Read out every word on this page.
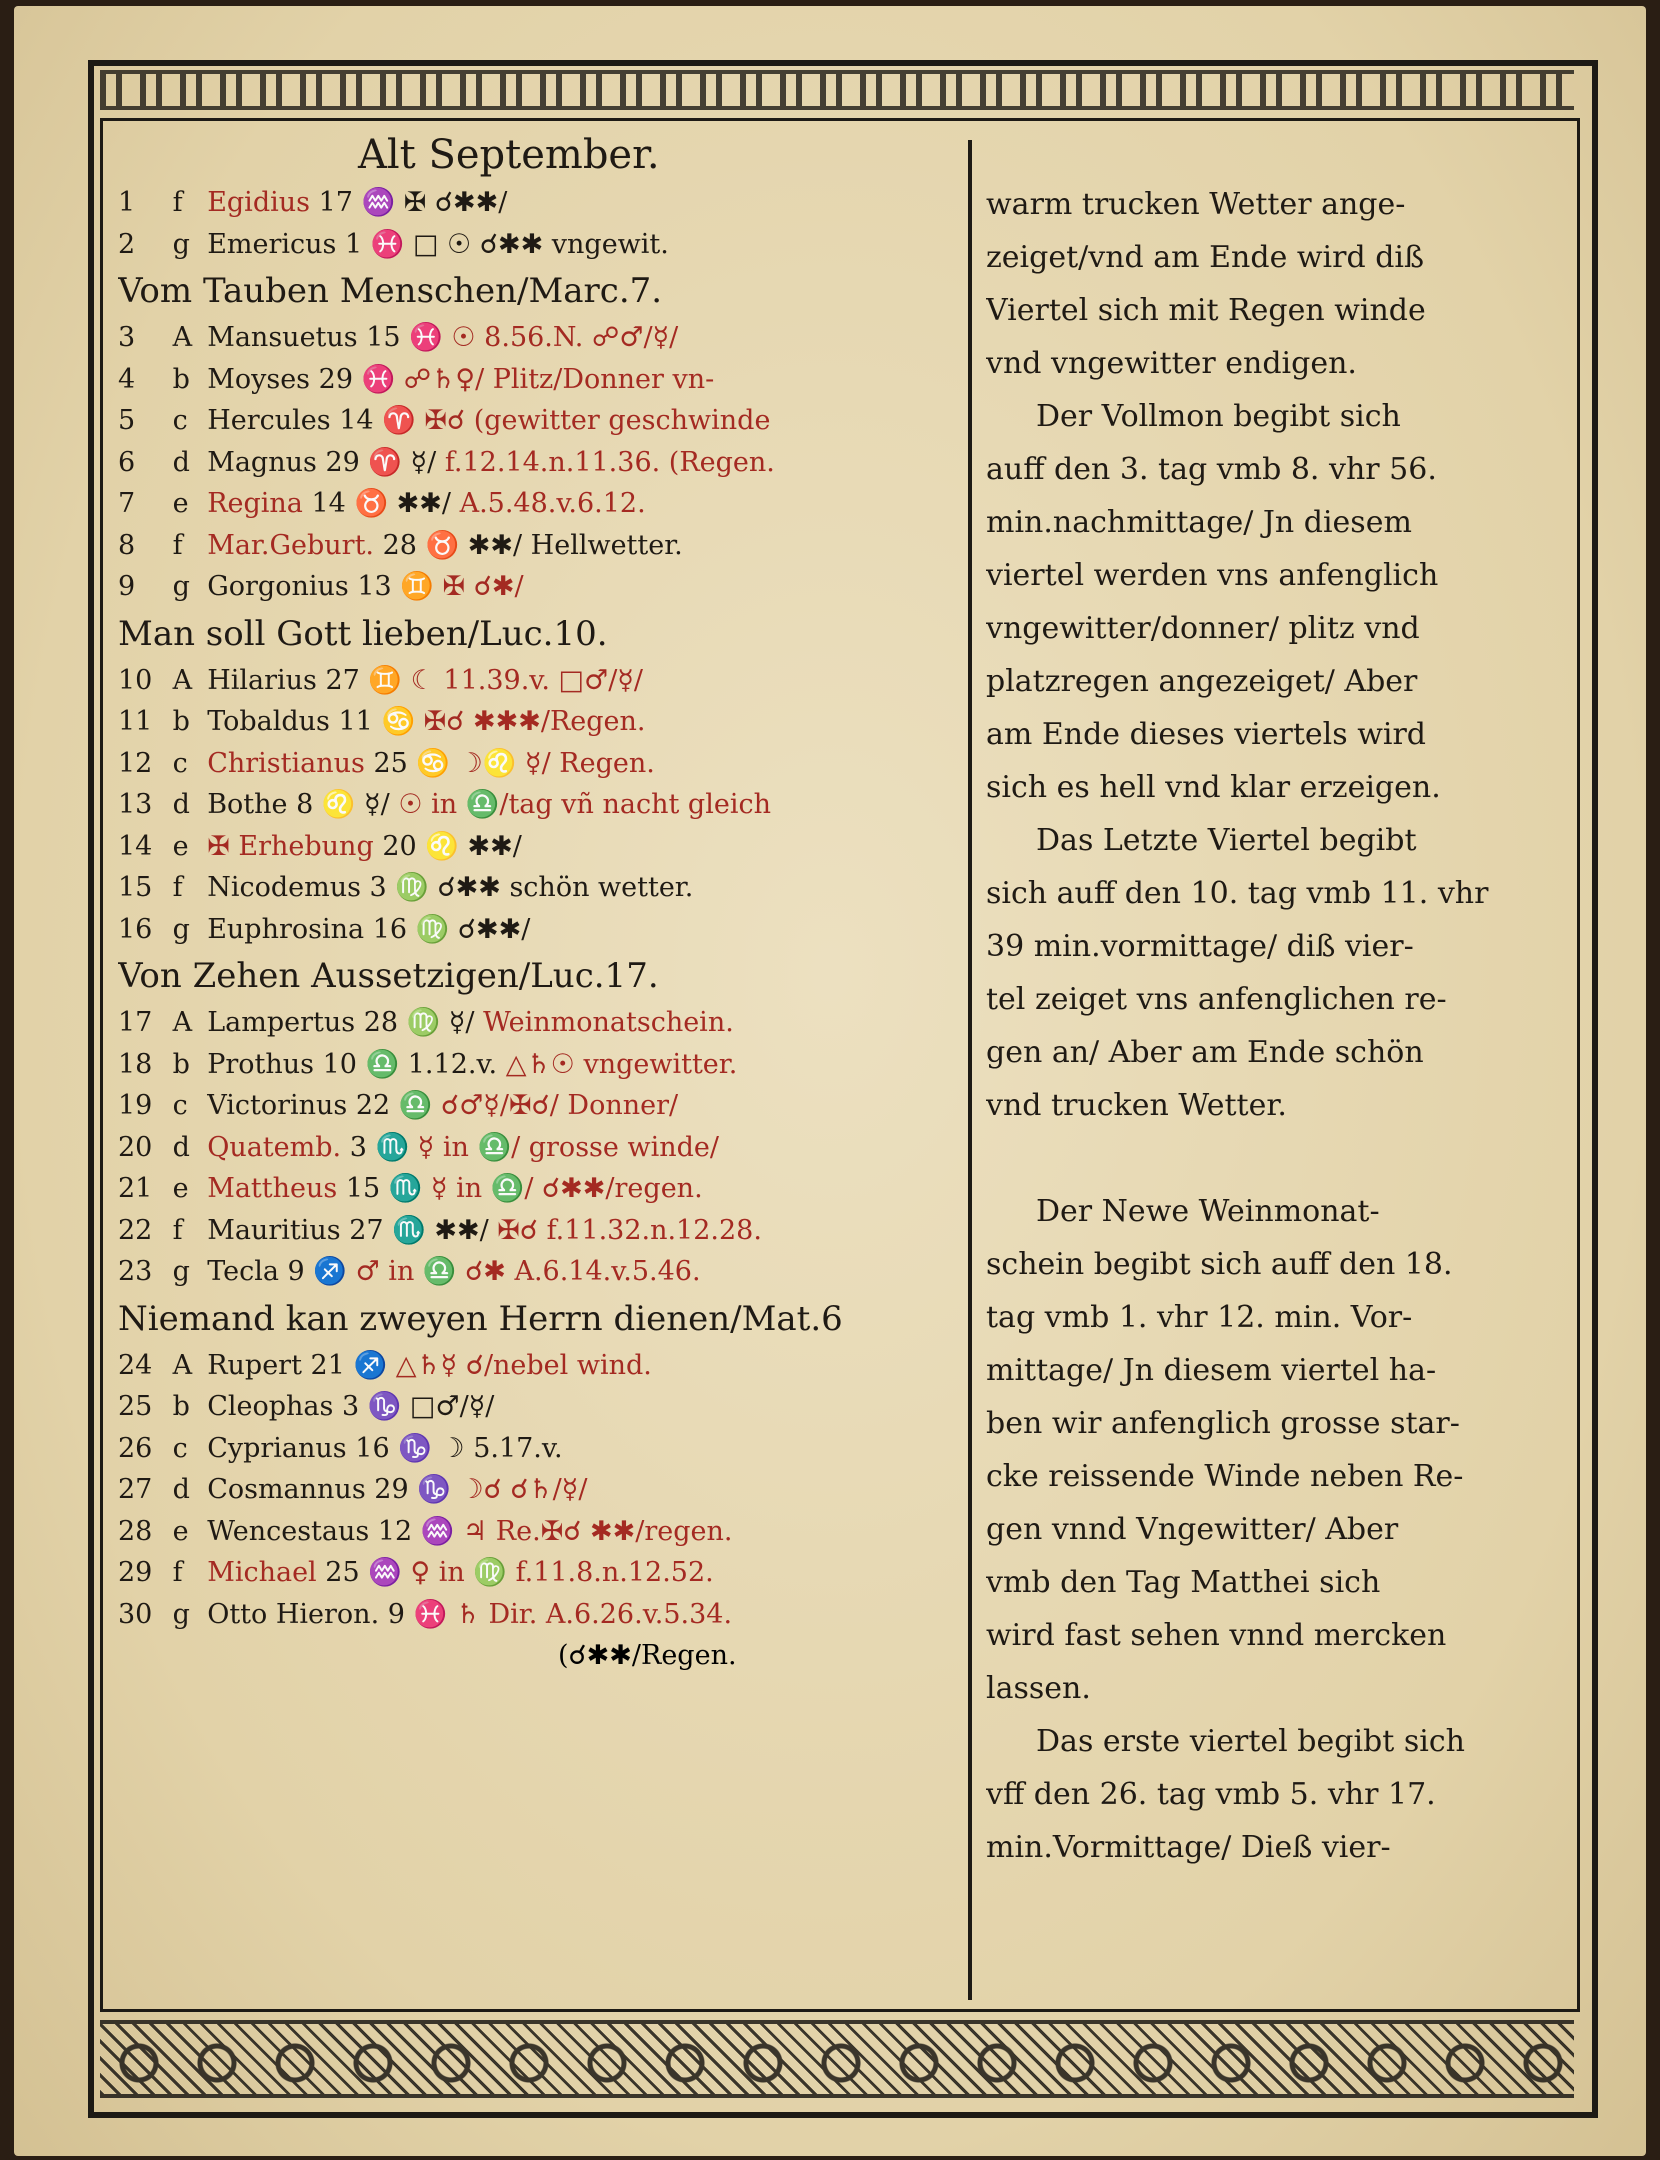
Alt September.
1 f Egidius 17 ♒ ✠ ☌✱✱/
2 g Emericus 1 ♓ □ ☉ ☌✱✱ vngewit.
Vom Tauben Menschen/Marc.7.
3 A Mansuetus 15 ♓ ☉ 8.56.N. ☍♂/☿/
4 b Moyses 29 ♓ ☍♄♀/ Plitz/Donner vn-
5 c Hercules 14 ♈ ✠☌ (gewitter geschwinde
6 d Magnus 29 ♈ ☿/ f.12.14.n.11.36. (Regen.
7 e Regina 14 ♉ ✱✱/ A.5.48.v.6.12.
8 f Mar.Geburt. 28 ♉ ✱✱/ Hellwetter.
9 g Gorgonius 13 ♊ ✠ ☌✱/
Man soll Gott lieben/Luc.10.
10 A Hilarius 27 ♊ ☾ 11.39.v. □♂/☿/
11 b Tobaldus 11 ♋ ✠☌ ✱✱✱/Regen.
12 c Christianus 25 ♋ ☽♌ ☿/ Regen.
13 d Bothe 8 ♌ ☿/ ☉ in ♎/tag vñ nacht gleich
14 e ✠ Erhebung 20 ♌ ✱✱/
15 f Nicodemus 3 ♍ ☌✱✱ schön wetter.
16 g Euphrosina 16 ♍ ☌✱✱/
Von Zehen Aussetzigen/Luc.17.
17 A Lampertus 28 ♍ ☿/ Weinmonatschein.
18 b Prothus 10 ♎ 1.12.v. △♄☉ vngewitter.
19 c Victorinus 22 ♎ ☌♂☿/✠☌/ Donner/
20 d Quatemb. 3 ♏ ☿ in ♎/ grosse winde/
21 e Mattheus 15 ♏ ☿ in ♎/ ☌✱✱/regen.
22 f Mauritius 27 ♏ ✱✱/ ✠☌ f.11.32.n.12.28.
23 g Tecla 9 ♐ ♂ in ♎ ☌✱ A.6.14.v.5.46.
Niemand kan zweyen Herrn dienen/Mat.6
24 A Rupert 21 ♐ △♄☿ ☌/nebel wind.
25 b Cleophas 3 ♑ □♂/☿/
26 c Cyprianus 16 ♑ ☽ 5.17.v.
27 d Cosmannus 29 ♑ ☽☌ ☌♄/☿/
28 e Wencestaus 12 ♒ ♃ Re.✠☌ ✱✱/regen.
29 f Michael 25 ♒ ♀ in ♍ f.11.8.n.12.52.
30 g Otto Hieron. 9 ♓ ♄ Dir. A.6.26.v.5.34.
(☌✱✱/Regen.
warm trucken Wetter ange-
zeiget/vnd am Ende wird diß
Viertel sich mit Regen winde
vnd vngewitter endigen.
Der Vollmon begibt sich
auff den 3. tag vmb 8. vhr 56.
min.nachmittage/ Jn diesem
viertel werden vns anfenglich
vngewitter/donner/ plitz vnd
platzregen angezeiget/ Aber
am Ende dieses viertels wird
sich es hell vnd klar erzeigen.
Das Letzte Viertel begibt
sich auff den 10. tag vmb 11. vhr
39 min.vormittage/ diß vier-
tel zeiget vns anfenglichen re-
gen an/ Aber am Ende schön
vnd trucken Wetter.
Der Newe Weinmonat-
schein begibt sich auff den 18.
tag vmb 1. vhr 12. min. Vor-
mittage/ Jn diesem viertel ha-
ben wir anfenglich grosse star-
cke reissende Winde neben Re-
gen vnnd Vngewitter/ Aber
vmb den Tag Matthei sich
wird fast sehen vnnd mercken
lassen.
Das erste viertel begibt sich
vff den 26. tag vmb 5. vhr 17.
min.Vormittage/ Dieß vier-
